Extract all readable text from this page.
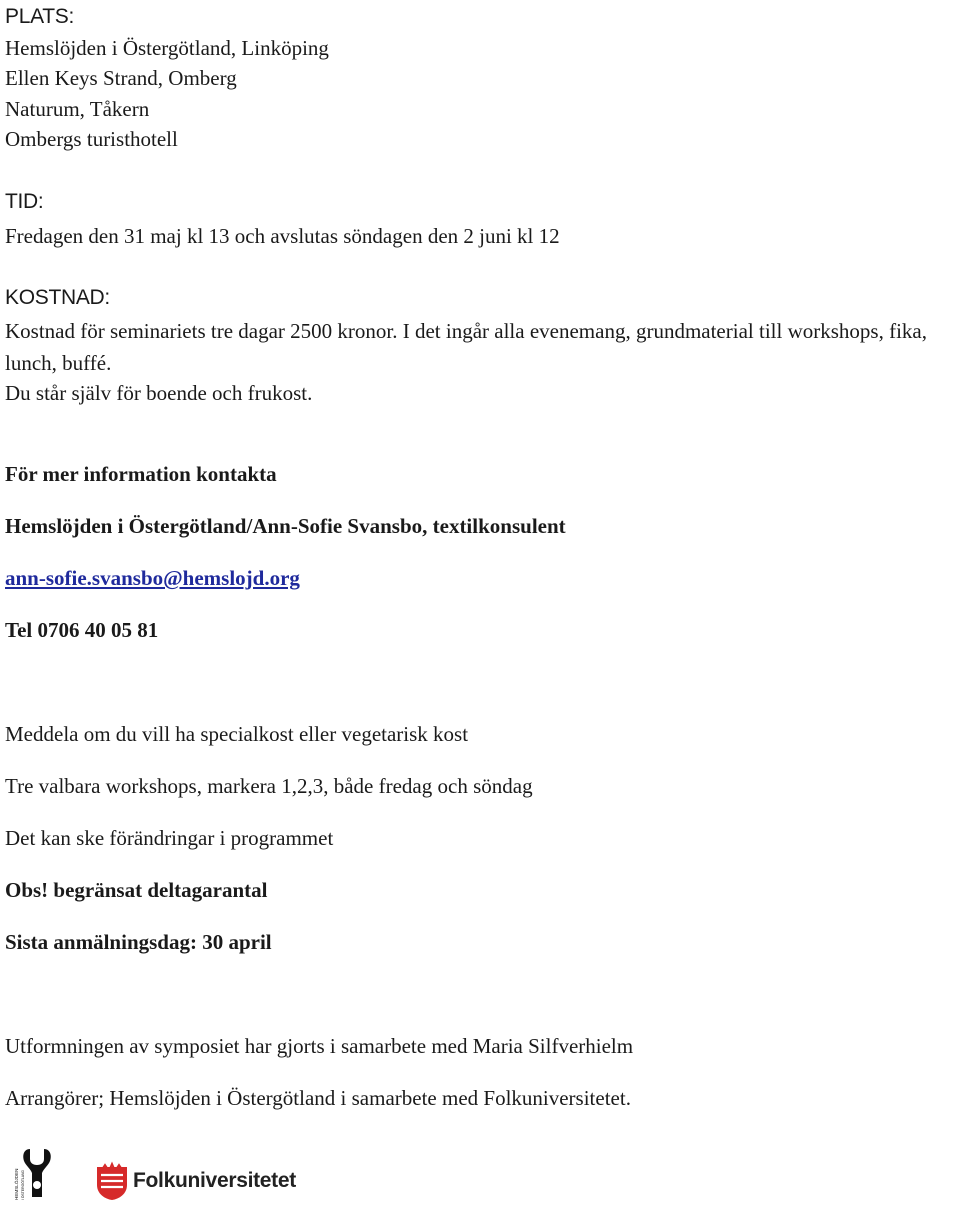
PLATS:
Hemslöjden i Östergötland, Linköping
Ellen Keys Strand, Omberg
Naturum, Tåkern
Ombergs turisthotell
TID:
Fredagen den 31 maj kl 13 och avslutas söndagen den 2 juni kl 12
KOSTNAD:
Kostnad för seminariets tre dagar 2500 kronor. I det ingår alla evenemang, grundmaterial till workshops, fika, lunch, buffé.
Du står själv för boende och frukost.
För mer information kontakta
Hemslöjden i Östergötland/Ann-Sofie Svansbo, textilkonsulent
ann-sofie.svansbo@hemslojd.org
Tel 0706 40 05 81
Meddela om du vill ha specialkost eller vegetarisk kost
Tre valbara workshops, markera 1,2,3, både fredag och söndag
Det kan ske förändringar i programmet
Obs! begränsat deltagarantal
Sista anmälningsdag: 30 april
Utformningen av symposiet har gjorts i samarbete med Maria Silfverhielm
Arrangörer; Hemslöjden i Östergötland i samarbete med Folkuniversitetet.
HEMSLÖJDEN I ÖSTERGÖTLAND	Folkuniversitetet
